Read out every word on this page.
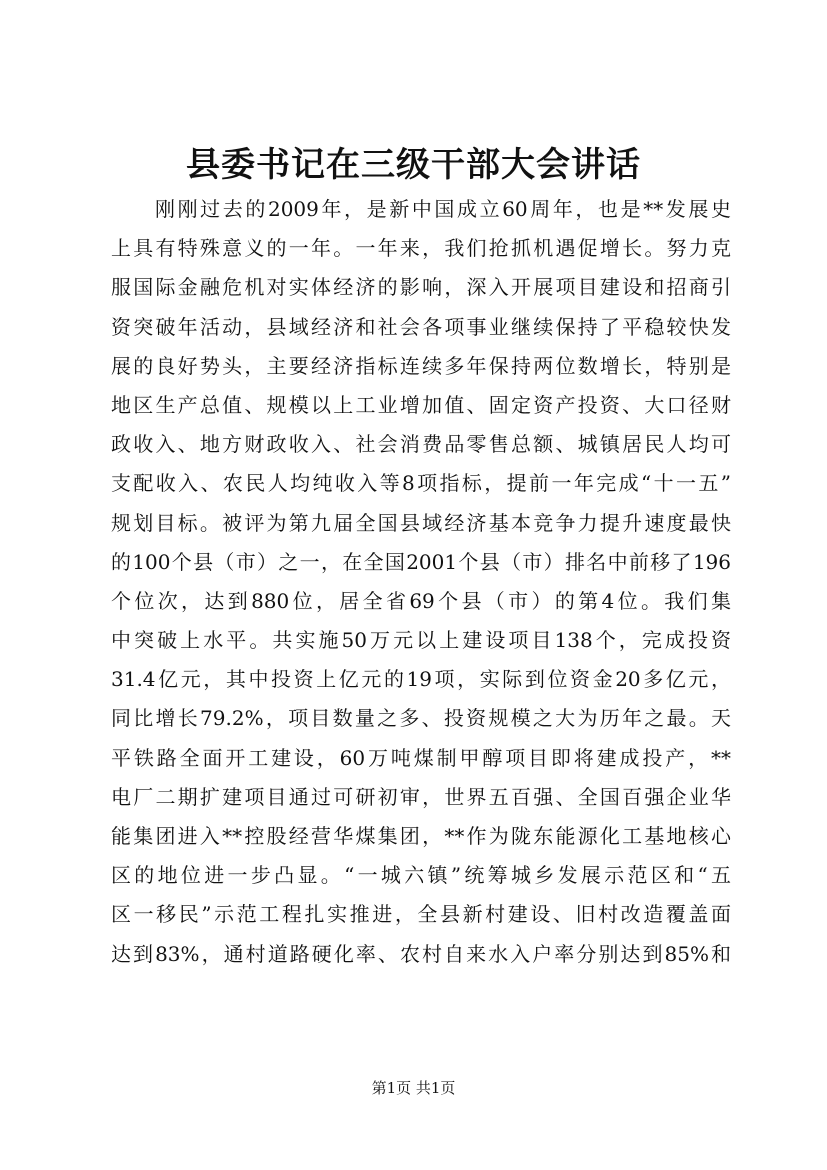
县委书记在三级干部大会讲话
刚刚过去的2009年，是新中国成立60周年，也是**发展史
上具有特殊意义的一年。一年来，我们抢抓机遇促增长。努力克
服国际金融危机对实体经济的影响，深入开展项目建设和招商引
资突破年活动，县域经济和社会各项事业继续保持了平稳较快发
展的良好势头，主要经济指标连续多年保持两位数增长，特别是
地区生产总值、规模以上工业增加值、固定资产投资、大口径财
政收入、地方财政收入、社会消费品零售总额、城镇居民人均可
支配收入、农民人均纯收入等8项指标，提前一年完成“十一五”
规划目标。被评为第九届全国县域经济基本竞争力提升速度最快
的100个县（市）之一，在全国2001个县（市）排名中前移了196
个位次，达到880位，居全省69个县（市）的第4位。我们集
中突破上水平。共实施50万元以上建设项目138个，完成投资
31.4亿元，其中投资上亿元的19项，实际到位资金20多亿元，
同比增长79.2%，项目数量之多、投资规模之大为历年之最。天
平铁路全面开工建设，60万吨煤制甲醇项目即将建成投产，**
电厂二期扩建项目通过可研初审，世界五百强、全国百强企业华
能集团进入**控股经营华煤集团，**作为陇东能源化工基地核心
区的地位进一步凸显。“一城六镇”统筹城乡发展示范区和“五
区一移民”示范工程扎实推进，全县新村建设、旧村改造覆盖面
达到83%，通村道路硬化率、农村自来水入户率分别达到85%和
第1页 共1页
